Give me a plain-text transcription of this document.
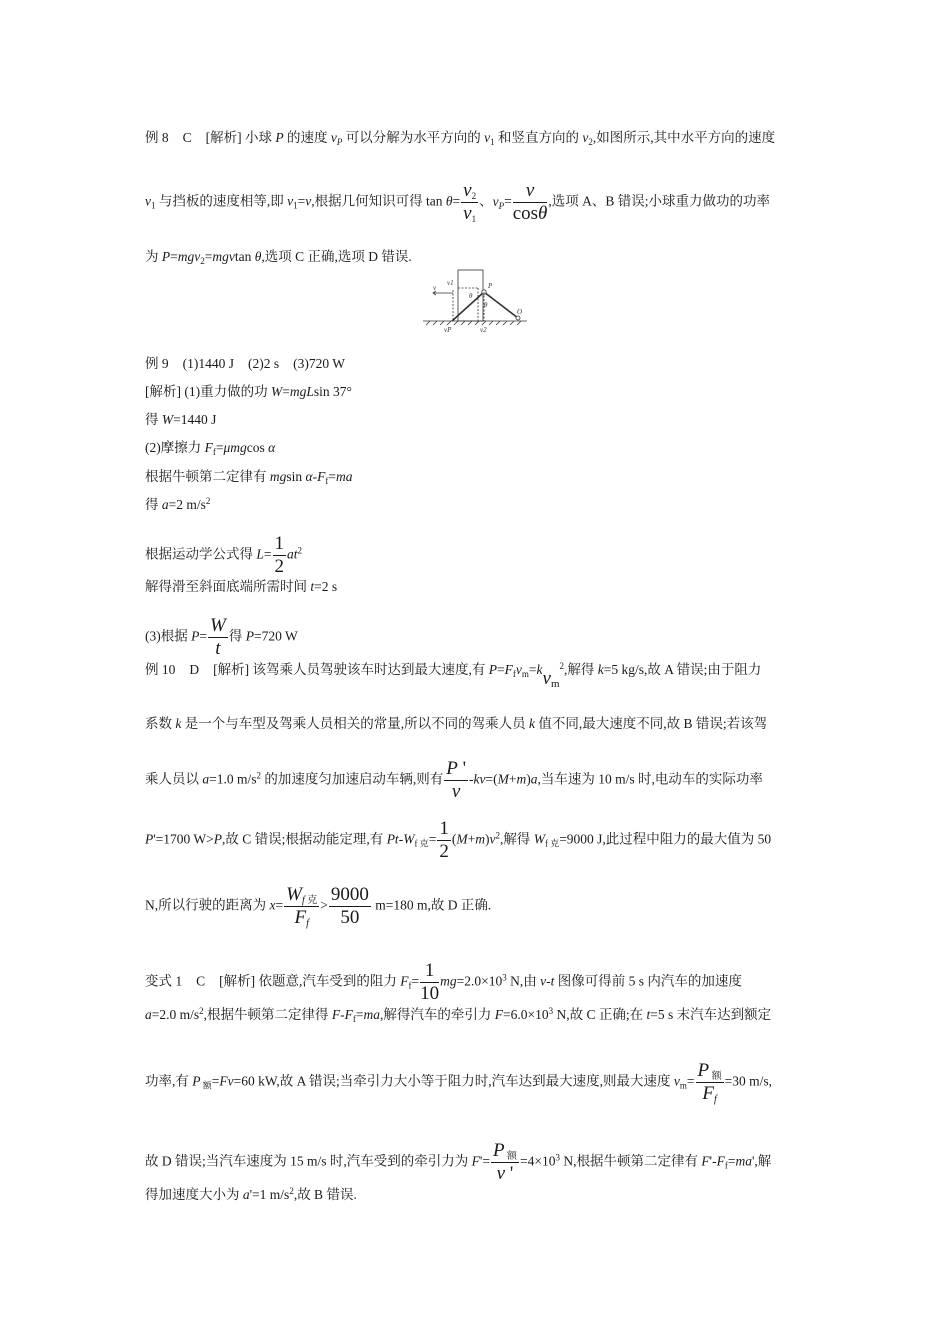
例 8 C [解析] 小球 P 的速度 $v_P$ 可以分解为水平方向的 $v_1$ 和竖直方向的 $v_2$,如图所示,其中水平方向的速度
$v_1$ 与挡板的速度相等,即 $v_1=v$,根据几何知识可得 $\tan \theta= \frac{v_2}{v_1}$ 、$v_P= \frac{v}{\cos\theta}$ ,选项 A、B 错误;小球重力做功的功率
为 P=mgv$_2$=mgvtan θ,选项 C 正确,选项 D 错误.
v
v1
θ
P
θ
O
vP	v2
例 9 (1)1440 J (2)2 s (3)720 W
[解析] (1)重力做的功 W=mgLsin 37°
得 W=1440 J
(2)摩擦力 $F_f=\mu mgcos$ α
根据牛顿第二定律有 mgsin $\alpha-F_f=ma$
得 a=2 $m/s^2$
根据运动学公式得 $L= \frac{1}{2} at^2$
解得滑至斜面底端所需时间 t=2 s
(3)根据 $P= \frac{W}{t}$ 得 P=720 W
例 10 D [解析] 该驾乘人员驾驶该车时达到最大速度,有 $P=F_fv_m=kv_m^2$,解得 k=5 kg/s,故 A 错误;由于阻力
系数 k 是一个与车型及驾乘人员相关的常量,所以不同的驾乘人员 k 值不同,最大速度不同,故 B 错误;若该驾
乘人员以 a=1.0 $m/s^2$ 的加速度匀加速启动车辆,则有 $\frac{P '}{v} -kv=(M+m)a$,当车速为 10 m/s 时,电动车的实际功率
P'=1700 W>P,故 C 错误;根据动能定理,有 $Pt-W_{f 克}= \frac{1}{2} (M+m)v^2$,解得 $W_{f 克}=9000$ J,此过程中阻力的最大值为 50
N,所以行驶的距离为 $x= \frac{W_{f 克}}{F_f} > \frac{9000}{50} m=180$ m,故 D 正确.
变式 1 C [解析] 依题意,汽车受到的阻力 $F_f= \frac{1}{10} mg=2.0\times 10^3$ N,由 v-t 图像可得前 5 s 内汽车的加速度
a=2.0 $m/s^2$,根据牛顿第二定律得 $F-F_f=ma$,解得汽车的牵引力 $F=6.0\times 10^3$ N,故 C 正确;在 t=5 s 末汽车达到额定
功率,有 P $_额$=Fv=60 kW,故 A 错误;当牵引力大小等于阻力时,汽车达到最大速度,则最大速度 $v_m= \frac{P _额}{F_f} =30$ m/s,
故 D 错误;当汽车速度为 15 m/s 时,汽车受到的牵引力为 $F'= \frac{P _额}{v '} =4\times 10^3$ N,根据牛顿第二定律有 $F'-F_f=ma'$,解
得加速度大小为 a'=1 $m/s^2$,故 B 错误.
